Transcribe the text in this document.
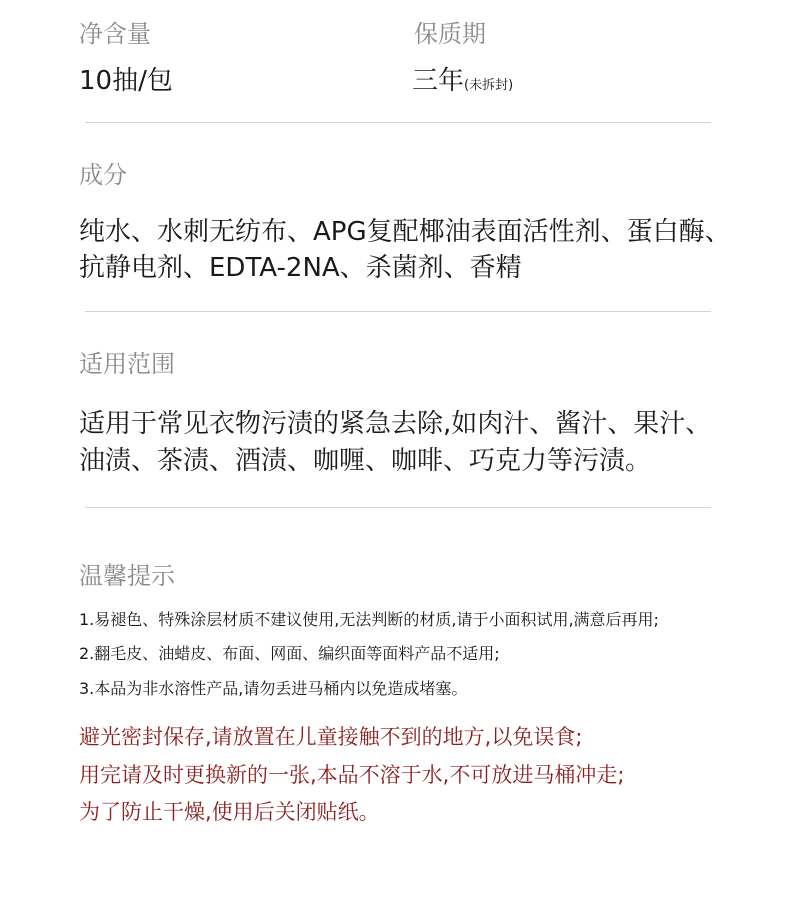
净含量
10抽/包
保质期
三年(未拆封)
成分
纯水、水刺无纺布、APG复配椰油表面活性剂、蛋白酶、
抗静电剂、EDTA-2NA、杀菌剂、香精
适用范围
适用于常见衣物污渍的紧急去除,如肉汁、酱汁、果汁、
油渍、茶渍、酒渍、咖喱、咖啡、巧克力等污渍。
温馨提示
1.易褪色、特殊涂层材质不建议使用,无法判断的材质,请于小面积试用,满意后再用;
2.翻毛皮、油蜡皮、布面、网面、编织面等面料产品不适用;
3.本品为非水溶性产品,请勿丢进马桶内以免造成堵塞。
避光密封保存,请放置在儿童接触不到的地方,以免误食;
用完请及时更换新的一张,本品不溶于水,不可放进马桶冲走;
为了防止干燥,使用后关闭贴纸。
